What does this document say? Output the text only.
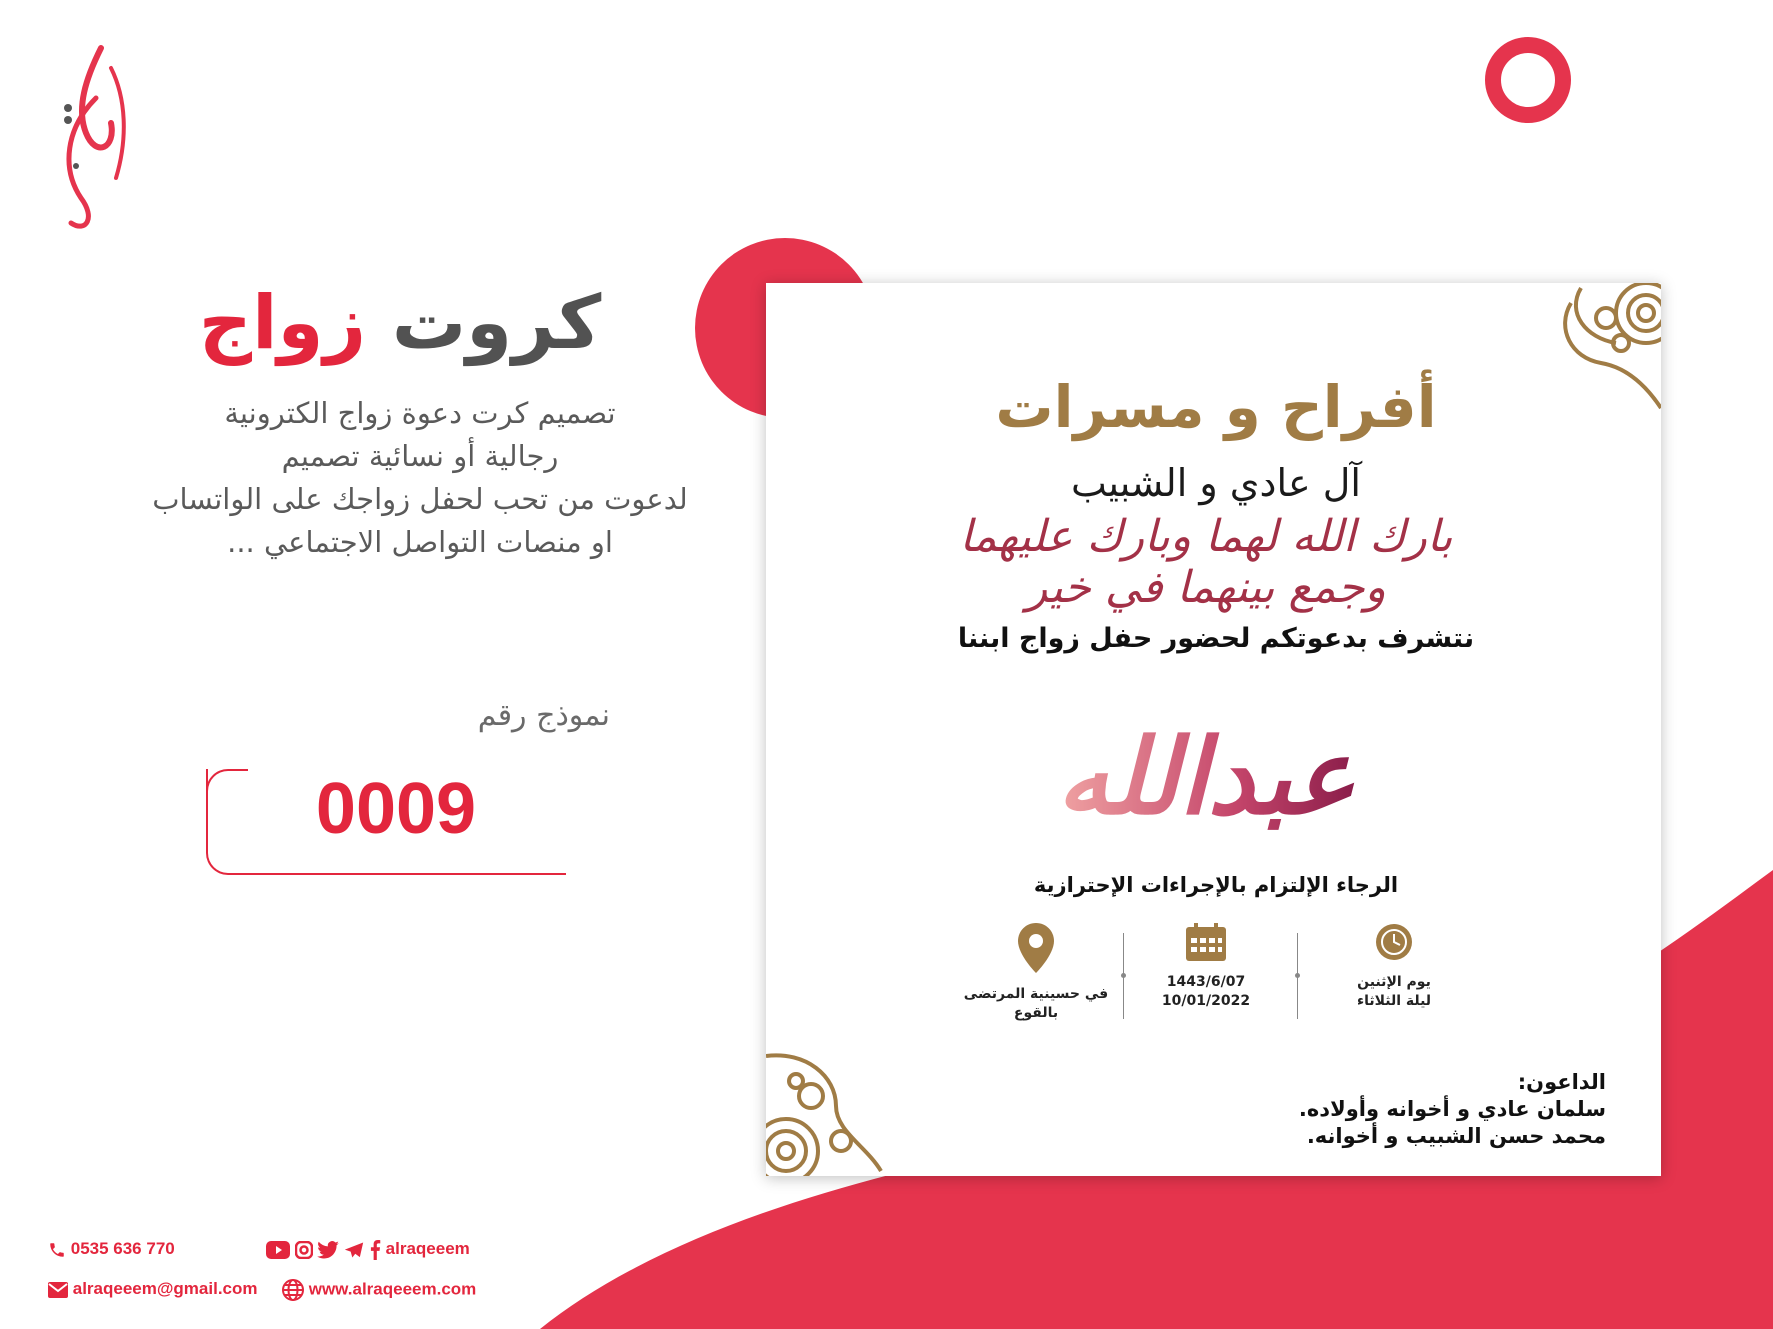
كروت زواج
تصميم كرت دعوة زواج الكترونية
رجالية أو نسائية تصميم
لدعوت من تحب لحفل زواجك على الواتساب
او منصات التواصل الاجتماعي ...
نموذج رقم
0009
أفراح و مسرات
آل عادي و الشبيب
بارك الله لهما وبارك عليهما وجمع بينهما في خير
نتشرف بدعوتكم لحضور حفل زواج ابننا
عبدالله
الرجاء الإلتزام بالإجراءات الإحترازية
في حسينية المرتضى
بالقوع
1443/6/07
10/01/2022
يوم الإثنين
ليلة الثلاثاء
الداعون:
سلمان عادي و أخوانه وأولاده.
محمد حسن الشبيب و أخوانه.
0535 636 770	alraqeeem
alraqeeem@gmail.com	www.alraqeeem.com
